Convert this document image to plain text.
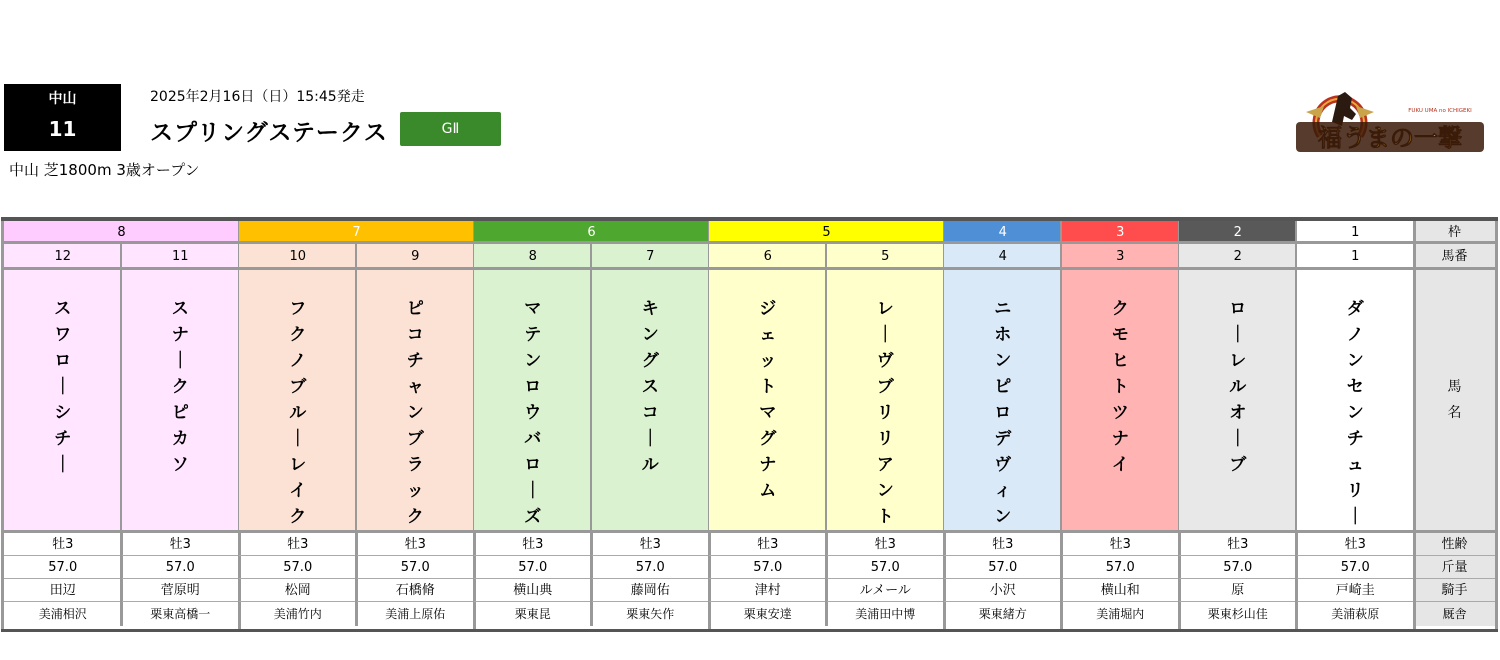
中山
11
2025年2月16日（日）15:45発走
スプリングステークス	GⅡ
中山 芝1800m 3歳オープン
福うまの一撃
FUKU UMA no ICHIGEKI
8
12
牡3
57.0
田辺
美浦相沢
ス
ワ
ロ
｜
シ
チ
｜
11
牡3
57.0
菅原明
栗東高橋一
ス
ナ
｜
ク
ピ
カ
ソ
7
10
牡3
57.0
松岡
美浦竹内
フ
ク
ノ
ブ
ル
｜
レ
イ
ク
9
牡3
57.0
石橋脩
美浦上原佑
ピ
コ
チ
ャ
ン
ブ
ラ
ッ
ク
6
8
牡3
57.0
横山典
栗東昆
マ
テ
ン
ロ
ウ
バ
ロ
｜
ズ
7
牡3
57.0
藤岡佑
栗東矢作
キ
ン
グ
ス
コ
｜
ル
5
6
牡3
57.0
津村
栗東安達
ジ
ェ
ッ
ト
マ
グ
ナ
ム
5
牡3
57.0
ルメール
美浦田中博
レ
｜
ヴ
ブ
リ
リ
ア
ン
ト
4
4
牡3
57.0
小沢
栗東緒方
ニ
ホ
ン
ピ
ロ
デ
ヴ
ィ
ン
3
3
牡3
57.0
横山和
美浦堀内
ク
モ
ヒ
ト
ツ
ナ
イ
2
2
牡3
57.0
原
栗東杉山佳
ロ
｜
レ
ル
オ
｜
ブ
1
1
牡3
57.0
戸崎圭
美浦萩原
ダ
ノ
ン
セ
ン
チ
ュ
リ
｜
枠
馬番
性齢
斤量
騎手
厩舎
馬
名
